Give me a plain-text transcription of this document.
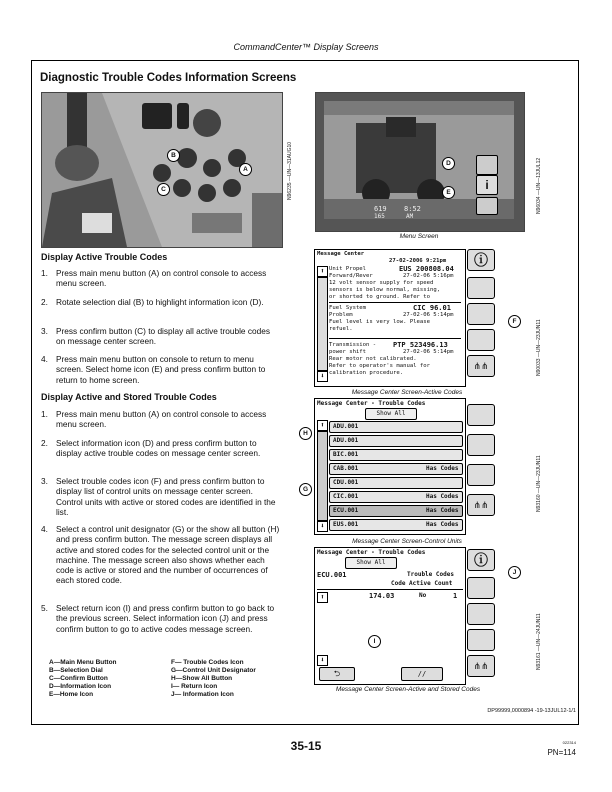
CommandCenter™ Display Screens
Diagnostic Trouble Codes Information Screens
B
A
C	N96235 —UN—31AUG10	i
D
E
619
165
8:52
AM
Menu Screen
N96034 —UN—13JUL12
Message Center
27-02-2006 9:21pm
⬆
⬇
Unit Propel	EUS 200808.04
Forward/Rever	27-02-06 5:16pm
12 volt sensor supply for speed
sensors is below normal, missing,
or shorted to ground. Refer to
Fuel System	CIC 96.01
Problem	27-02-06 5:14pm
Fuel level is very low. Please
refuel.
Transmission - PTP 523496.13
power shift	27-02-06 5:14pm
Rear motor not calibrated.
Refer to operator's manual for
calibration procedure.
ⓘ
⋔⋔
F
Message Center Screen-Active Codes
N90033 —UN—23JUN11
Message Center - Trouble Codes
Show All
⬆
⬇
ADU.001
ADU.001
BIC.001
CAB.001	Has Codes
CDU.001
CIC.001	Has Codes
ECU.001	Has Codes
EUS.001	Has Codes
⋔⋔
H
G
Message Center Screen-Control Units
N93160 —UN—23JUN11
Message Center - Trouble Codes
Show All
ECU.001	Trouble Codes
Code Active Count
⬆
⬇
174.03	No	1
⮌	//
ⓘ
⋔⋔
J
I
Message Center Screen-Active and Stored Codes
N93161 —UN—24JUN11
Display Active Trouble Codes
1. Press main menu button (A) on control console to access menu screen.
2. Rotate selection dial (B) to highlight information icon (D).
3. Press confirm button (C) to display all active trouble codes on message center screen.
4. Press main menu button on console to return to menu screen. Select home icon (E) and press confirm button to return to home screen.
Display Active and Stored Trouble Codes
1. Press main menu button (A) on control console to access menu screen.
2. Select information icon (D) and press confirm button to display active trouble codes on message center screen.
3. Select trouble codes icon (F) and press confirm button to display list of control units on message center screen. Control units with active or stored codes are identified in the list.
4. Select a control unit designator (G) or the show all button (H) and press confirm button. The message screen displays all active and stored codes for the selected control unit or the machine. The message screen also shows whether each code is active or stored and the number of occurrences of each stored code.
5. Select return icon (I) and press confirm button to go back to the previous screen. Select information icon (J) and press confirm button to go to active codes message screen.
A—Main Menu Button
B—Selection Dial
C—Confirm Button
D—Information Icon
E—Home Icon
F— Trouble Codes Icon
G—Control Unit Designator
H—Show All Button
I— Return Icon
J— Information Icon
DP99999,0000894 -19-13JUL12-1/1
35-15	022314
PN=114
